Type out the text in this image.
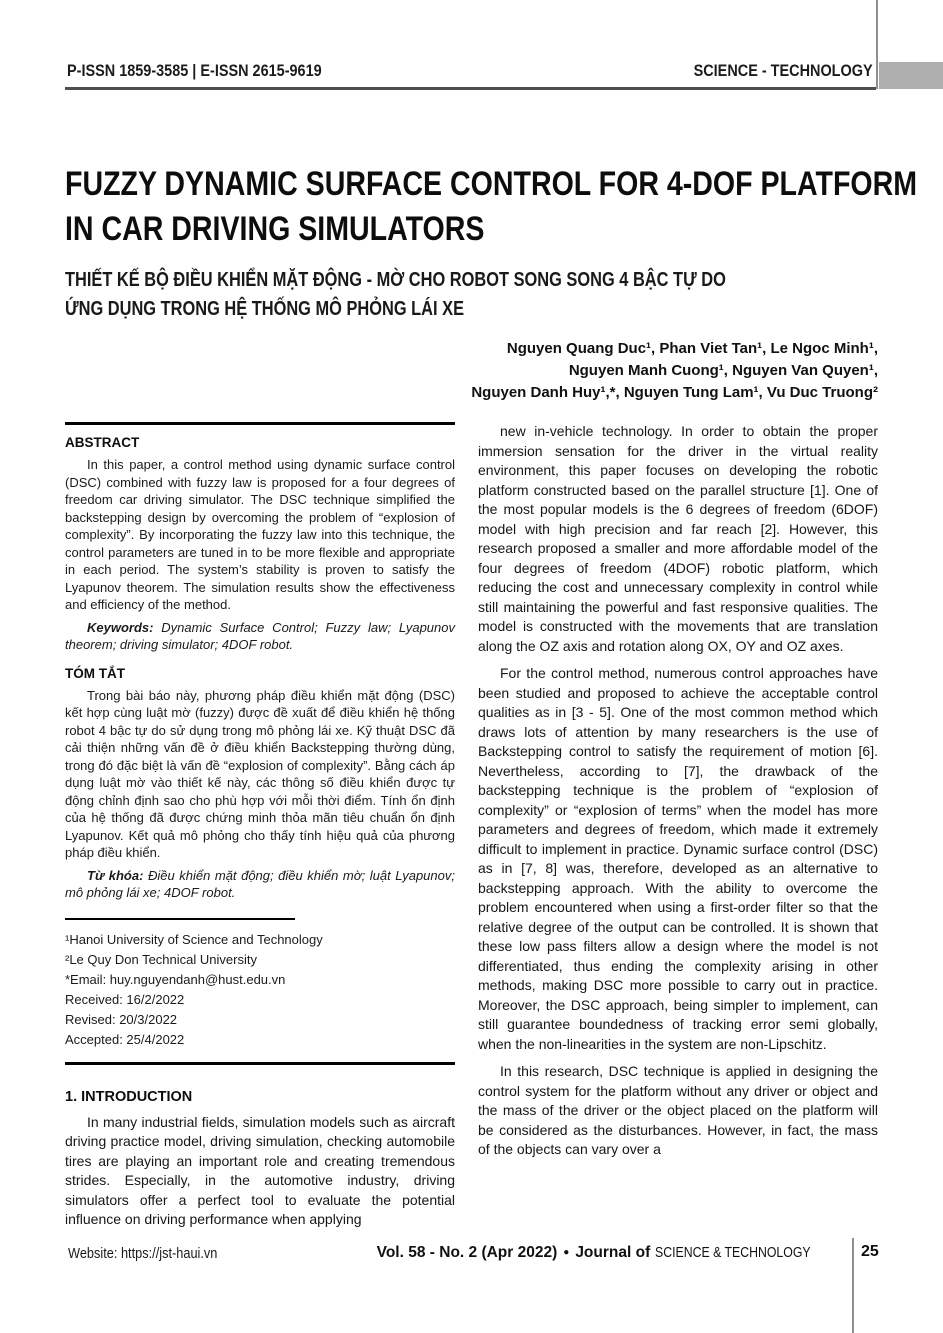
P-ISSN 1859-3585 | E-ISSN 2615-9619	SCIENCE - TECHNOLOGY
FUZZY DYNAMIC SURFACE CONTROL FOR 4-DOF PLATFORM
IN CAR DRIVING SIMULATORS
THIẾT KẾ BỘ ĐIỀU KHIỂN MẶT ĐỘNG - MỜ CHO ROBOT SONG SONG 4 BẬC TỰ DO
ỨNG DỤNG TRONG HỆ THỐNG MÔ PHỎNG LÁI XE
Nguyen Quang Duc¹, Phan Viet Tan¹, Le Ngoc Minh¹,
Nguyen Manh Cuong¹, Nguyen Van Quyen¹,
Nguyen Danh Huy¹,*, Nguyen Tung Lam¹, Vu Duc Truong²
ABSTRACT
In this paper, a control method using dynamic surface control (DSC) combined with fuzzy law is proposed for a four degrees of freedom car driving simulator. The DSC technique simplified the backstepping design by overcoming the problem of “explosion of complexity”. By incorporating the fuzzy law into this technique, the control parameters are tuned in to be more flexible and appropriate in each period. The system’s stability is proven to satisfy the Lyapunov theorem. The simulation results show the effectiveness and efficiency of the method.
Keywords: Dynamic Surface Control; Fuzzy law; Lyapunov theorem; driving simulator; 4DOF robot.
TÓM TẮT
Trong bài báo này, phương pháp điều khiển mặt động (DSC) kết hợp cùng luật mờ (fuzzy) được đề xuất để điều khiển hệ thống robot 4 bậc tự do sử dụng trong mô phỏng lái xe. Kỹ thuật DSC đã cải thiện những vấn đề ở điều khiển Backstepping thường dùng, trong đó đặc biệt là vấn đề “explosion of complexity”. Bằng cách áp dụng luật mờ vào thiết kế này, các thông số điều khiển được tự động chỉnh định sao cho phù hợp với mỗi thời điểm. Tính ổn định của hệ thống đã được chứng minh thỏa mãn tiêu chuẩn ổn định Lyapunov. Kết quả mô phỏng cho thấy tính hiệu quả của phương pháp điều khiển.
Từ khóa: Điều khiển mặt động; điều khiển mờ; luật Lyapunov; mô phỏng lái xe; 4DOF robot.
¹Hanoi University of Science and Technology
²Le Quy Don Technical University
*Email: huy.nguyendanh@hust.edu.vn
Received: 16/2/2022
Revised: 20/3/2022
Accepted: 25/4/2022
1. INTRODUCTION
In many industrial fields, simulation models such as aircraft driving practice model, driving simulation, checking automobile tires are playing an important role and creating tremendous strides. Especially, in the automotive industry, driving simulators offer a perfect tool to evaluate the potential influence on driving performance when applying
new in-vehicle technology. In order to obtain the proper immersion sensation for the driver in the virtual reality environment, this paper focuses on developing the robotic platform constructed based on the parallel structure [1]. One of the most popular models is the 6 degrees of freedom (6DOF) model with high precision and far reach [2]. However, this research proposed a smaller and more affordable model of the four degrees of freedom (4DOF) robotic platform, which reducing the cost and unnecessary complexity in control while still maintaining the powerful and fast responsive qualities. The model is constructed with the movements that are translation along the OZ axis and rotation along OX, OY and OZ axes.
For the control method, numerous control approaches have been studied and proposed to achieve the acceptable control qualities as in [3 - 5]. One of the most common method which draws lots of attention by many researchers is the use of Backstepping control to satisfy the requirement of motion [6]. Nevertheless, according to [7], the drawback of the backstepping technique is the problem of “explosion of complexity” or “explosion of terms” when the model has more parameters and degrees of freedom, which made it extremely difficult to implement in practice. Dynamic surface control (DSC) as in [7, 8] was, therefore, developed as an alternative to backstepping approach. With the ability to overcome the problem encountered when using a first-order filter so that the relative degree of the output can be controlled. It is shown that these low pass filters allow a design where the model is not differentiated, thus ending the complexity arising in other methods, making DSC more possible to carry out in practice. Moreover, the DSC approach, being simpler to implement, can still guarantee boundedness of tracking error semi globally, when the non-linearities in the system are non-Lipschitz.
In this research, DSC technique is applied in designing the control system for the platform without any driver or object and the mass of the driver or the object placed on the platform will be considered as the disturbances. However, in fact, the mass of the objects can vary over a
Website: https://jst-haui.vn	Vol. 58 - No. 2 (Apr 2022) ● Journal of SCIENCE & TECHNOLOGY	25
